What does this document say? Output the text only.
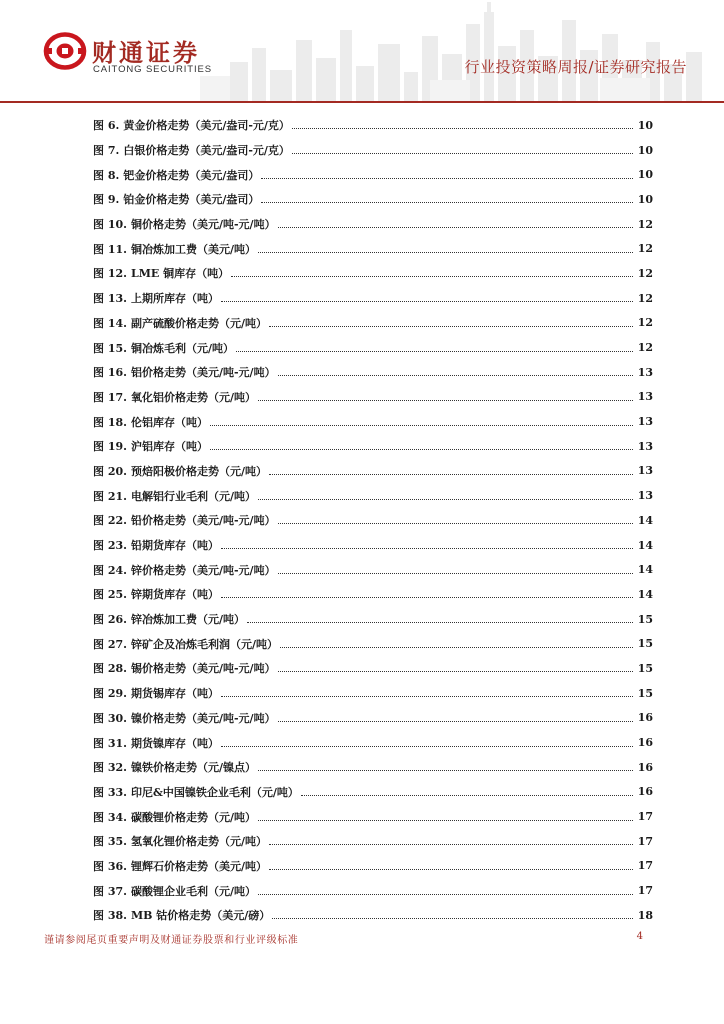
财通证券
CAITONG SECURITIES	行业投资策略周报/证券研究报告
图 6. 黄金价格走势（美元/盎司-元/克）	10
图 7. 白银价格走势（美元/盎司-元/克）	10
图 8. 钯金价格走势（美元/盎司）	10
图 9. 铂金价格走势（美元/盎司）	10
图 10. 铜价格走势（美元/吨-元/吨）	12
图 11. 铜冶炼加工费（美元/吨）	12
图 12. LME 铜库存（吨）	12
图 13. 上期所库存（吨）	12
图 14. 副产硫酸价格走势（元/吨）	12
图 15. 铜冶炼毛利（元/吨）	12
图 16. 铝价格走势（美元/吨-元/吨）	13
图 17. 氧化铝价格走势（元/吨）	13
图 18. 伦铝库存（吨）	13
图 19. 沪铝库存（吨）	13
图 20. 预焙阳极价格走势（元/吨）	13
图 21. 电解铝行业毛利（元/吨）	13
图 22. 铅价格走势（美元/吨-元/吨）	14
图 23. 铅期货库存（吨）	14
图 24. 锌价格走势（美元/吨-元/吨）	14
图 25. 锌期货库存（吨）	14
图 26. 锌冶炼加工费（元/吨）	15
图 27. 锌矿企及冶炼毛利润（元/吨）	15
图 28. 锡价格走势（美元/吨-元/吨）	15
图 29. 期货锡库存（吨）	15
图 30. 镍价格走势（美元/吨-元/吨）	16
图 31. 期货镍库存（吨）	16
图 32. 镍铁价格走势（元/镍点）	16
图 33. 印尼&中国镍铁企业毛利（元/吨）	16
图 34. 碳酸锂价格走势（元/吨）	17
图 35. 氢氧化锂价格走势（元/吨）	17
图 36. 锂辉石价格走势（美元/吨）	17
图 37. 碳酸锂企业毛利（元/吨）	17
图 38. MB 钴价格走势（美元/磅）	18
谨请参阅尾页重要声明及财通证券股票和行业评级标准	4
